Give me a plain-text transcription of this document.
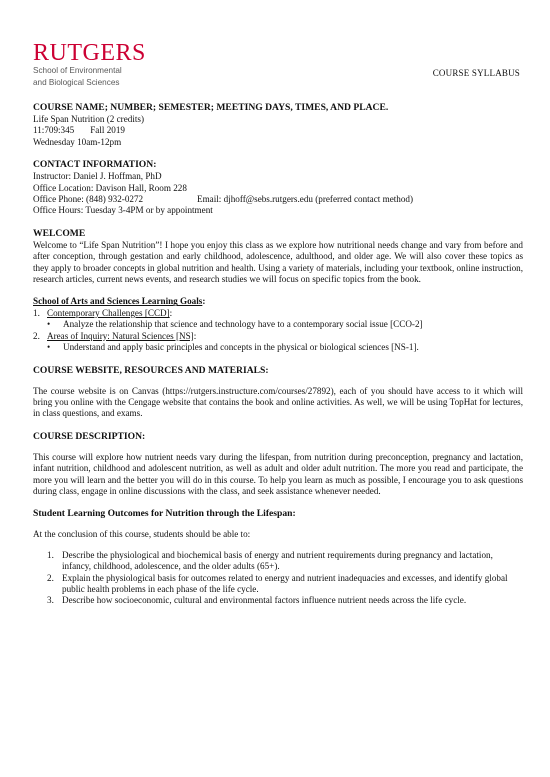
RUTGERS
School of Environmental
and Biological Sciences
COURSE SYLLABUS
COURSE NAME; NUMBER; SEMESTER; MEETING DAYS, TIMES, AND PLACE.

Life Span Nutrition (2 credits)

11:709:345 Fall 2019

Wednesday 10am-12pm

CONTACT INFORMATION:

Instructor: Daniel J. Hoffman, PhD

Office Location: Davison Hall, Room 228

Office Phone: (848) 932-0272	Email: djhoff@sebs.rutgers.edu (preferred contact method)

Office Hours: Tuesday 3-4PM or by appointment

WELCOME

Welcome to “Life Span Nutrition”! I hope you enjoy this class as we explore how nutritional needs change and vary from before and after conception, through gestation and early childhood, adolescence, adulthood, and older age. We will also cover these topics as they apply to broader concepts in global nutrition and health. Using a variety of materials, including your textbook, online instruction, research articles, current news events, and research studies we will focus on specific topics from the book.

School of Arts and Sciences Learning Goals:

1. Contemporary Challenges [CCD]:
•	Analyze the relationship that science and technology have to a contemporary social issue [CCO-2]
2. Areas of Inquiry: Natural Sciences [NS]:
•	Understand and apply basic principles and concepts in the physical or biological sciences [NS-1].
COURSE WEBSITE, RESOURCES AND MATERIALS:

The course website is on Canvas (https://rutgers.instructure.com/courses/27892), each of you should have access to it which will bring you online with the Cengage website that contains the book and online activities. As well, we will be using TopHat for lectures, in class questions, and exams.

COURSE DESCRIPTION:

This course will explore how nutrient needs vary during the lifespan, from nutrition during preconception, pregnancy and lactation, infant nutrition, childhood and adolescent nutrition, as well as adult and older adult nutrition. The more you read and participate, the more you will learn and the better you will do in this course. To help you learn as much as possible, I encourage you to ask questions during class, engage in online discussions with the class, and seek assistance whenever needed.

Student Learning Outcomes for Nutrition through the Lifespan:

At the conclusion of this course, students should be able to:

1. Describe the physiological and biochemical basis of energy and nutrient requirements during pregnancy and lactation, infancy, childhood, adolescence, and the older adults (65+).
2. Explain the physiological basis for outcomes related to energy and nutrient inadequacies and excesses, and identify global public health problems in each phase of the life cycle.
3. Describe how socioeconomic, cultural and environmental factors influence nutrient needs across the life cycle.
